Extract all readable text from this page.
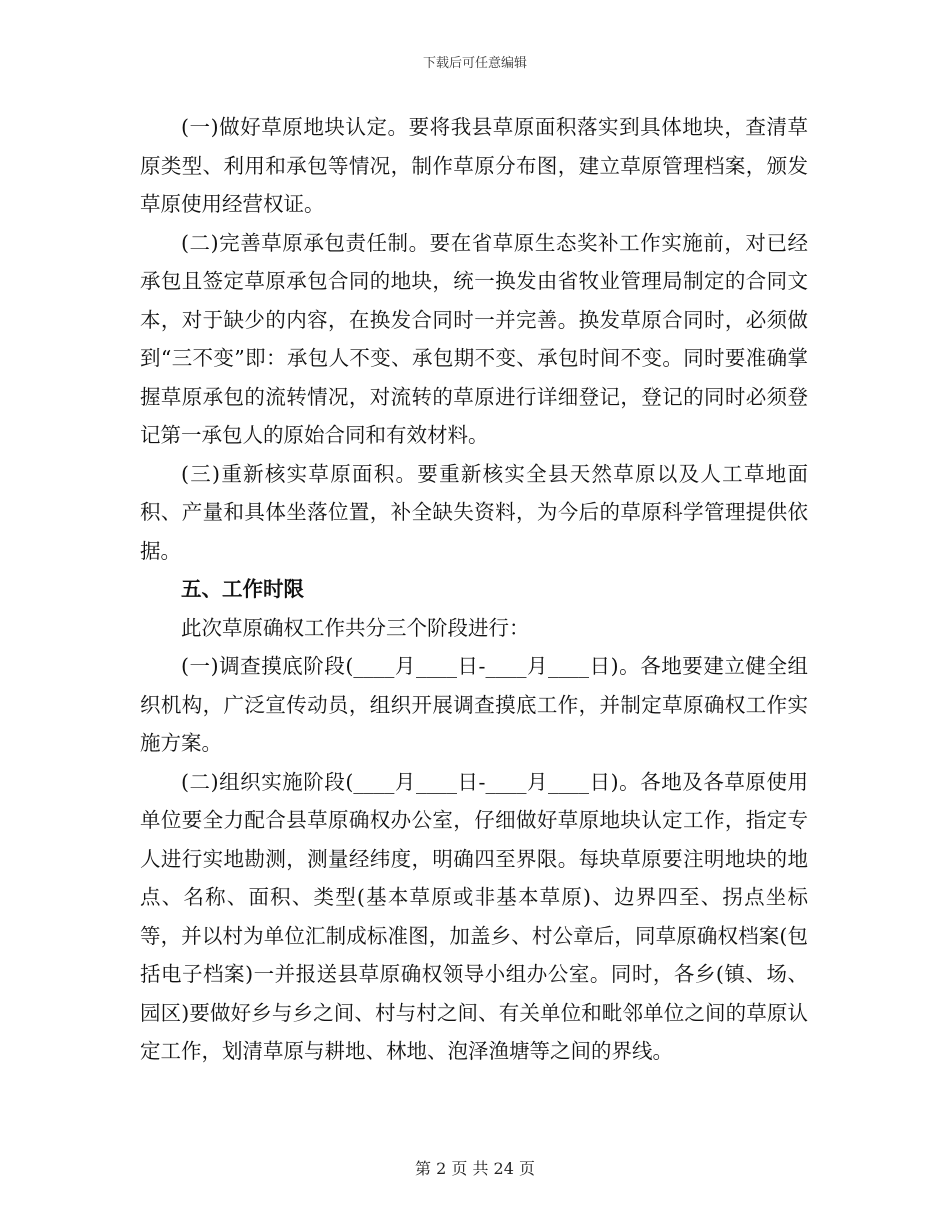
下载后可任意编辑

(一)做好草原地块认定。要将我县草原面积落实到具体地块，查清草原类型、利用和承包等情况，制作草原分布图，建立草原管理档案，颁发草原使用经营权证。

(二)完善草原承包责任制。要在省草原生态奖补工作实施前，对已经承包且签定草原承包合同的地块，统一换发由省牧业管理局制定的合同文本，对于缺少的内容，在换发合同时一并完善。换发草原合同时，必须做到“三不变”即：承包人不变、承包期不变、承包时间不变。同时要准确掌握草原承包的流转情况，对流转的草原进行详细登记，登记的同时必须登记第一承包人的原始合同和有效材料。

(三)重新核实草原面积。要重新核实全县天然草原以及人工草地面积、产量和具体坐落位置，补全缺失资料，为今后的草原科学管理提供依据。

五、工作时限

此次草原确权工作共分三个阶段进行：

(一)调查摸底阶段(____月____日-____月____日)。各地要建立健全组织机构，广泛宣传动员，组织开展调查摸底工作，并制定草原确权工作实施方案。

(二)组织实施阶段(____月____日-____月____日)。各地及各草原使用单位要全力配合县草原确权办公室，仔细做好草原地块认定工作，指定专人进行实地勘测，测量经纬度，明确四至界限。每块草原要注明地块的地点、名称、面积、类型(基本草原或非基本草原)、边界四至、拐点坐标等，并以村为单位汇制成标准图，加盖乡、村公章后，同草原确权档案(包括电子档案)一并报送县草原确权领导小组办公室。同时，各乡(镇、场、园区)要做好乡与乡之间、村与村之间、有关单位和毗邻单位之间的草原认定工作，划清草原与耕地、林地、泡泽渔塘等之间的界线。

第 2 页 共 24 页
